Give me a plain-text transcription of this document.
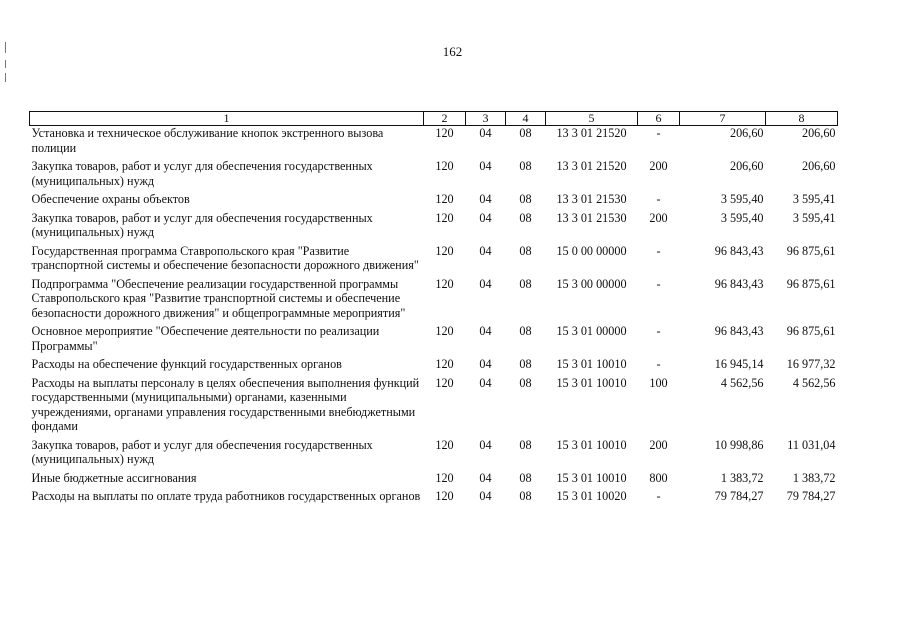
162
1	2	3	4	5	6	7	8
Установка и техническое обслуживание кнопок экстренного вызова полиции	120	04	08	13 3 01 21520	-	206,60	206,60
Закупка товаров, работ и услуг для обеспечения государственных (муниципальных) нужд	120	04	08	13 3 01 21520	200	206,60	206,60
Обеспечение охраны объектов	120	04	08	13 3 01 21530	-	3 595,40	3 595,41
Закупка товаров, работ и услуг для обеспечения государственных (муниципальных) нужд	120	04	08	13 3 01 21530	200	3 595,40	3 595,41
Государственная программа Ставропольского края "Развитие транспортной системы и обеспечение безопасности дорожного движения"	120	04	08	15 0 00 00000	-	96 843,43	96 875,61
Подпрограмма "Обеспечение реализации государственной программы Ставропольского края "Развитие транспортной системы и обеспечение безопасности дорожного движения" и общепрограммные мероприятия"	120	04	08	15 3 00 00000	-	96 843,43	96 875,61
Основное мероприятие "Обеспечение деятельности по реализации Программы"	120	04	08	15 3 01 00000	-	96 843,43	96 875,61
Расходы на обеспечение функций государственных органов	120	04	08	15 3 01 10010	-	16 945,14	16 977,32
Расходы на выплаты персоналу в целях обеспечения выполнения функций государственными (муниципальными) органами, казенными учреждениями, органами управления государственными внебюджетными фондами	120	04	08	15 3 01 10010	100	4 562,56	4 562,56
Закупка товаров, работ и услуг для обеспечения государственных (муниципальных) нужд	120	04	08	15 3 01 10010	200	10 998,86	11 031,04
Иные бюджетные ассигнования	120	04	08	15 3 01 10010	800	1 383,72	1 383,72
Расходы на выплаты по оплате труда работников государственных органов	120	04	08	15 3 01 10020	-	79 784,27	79 784,27
